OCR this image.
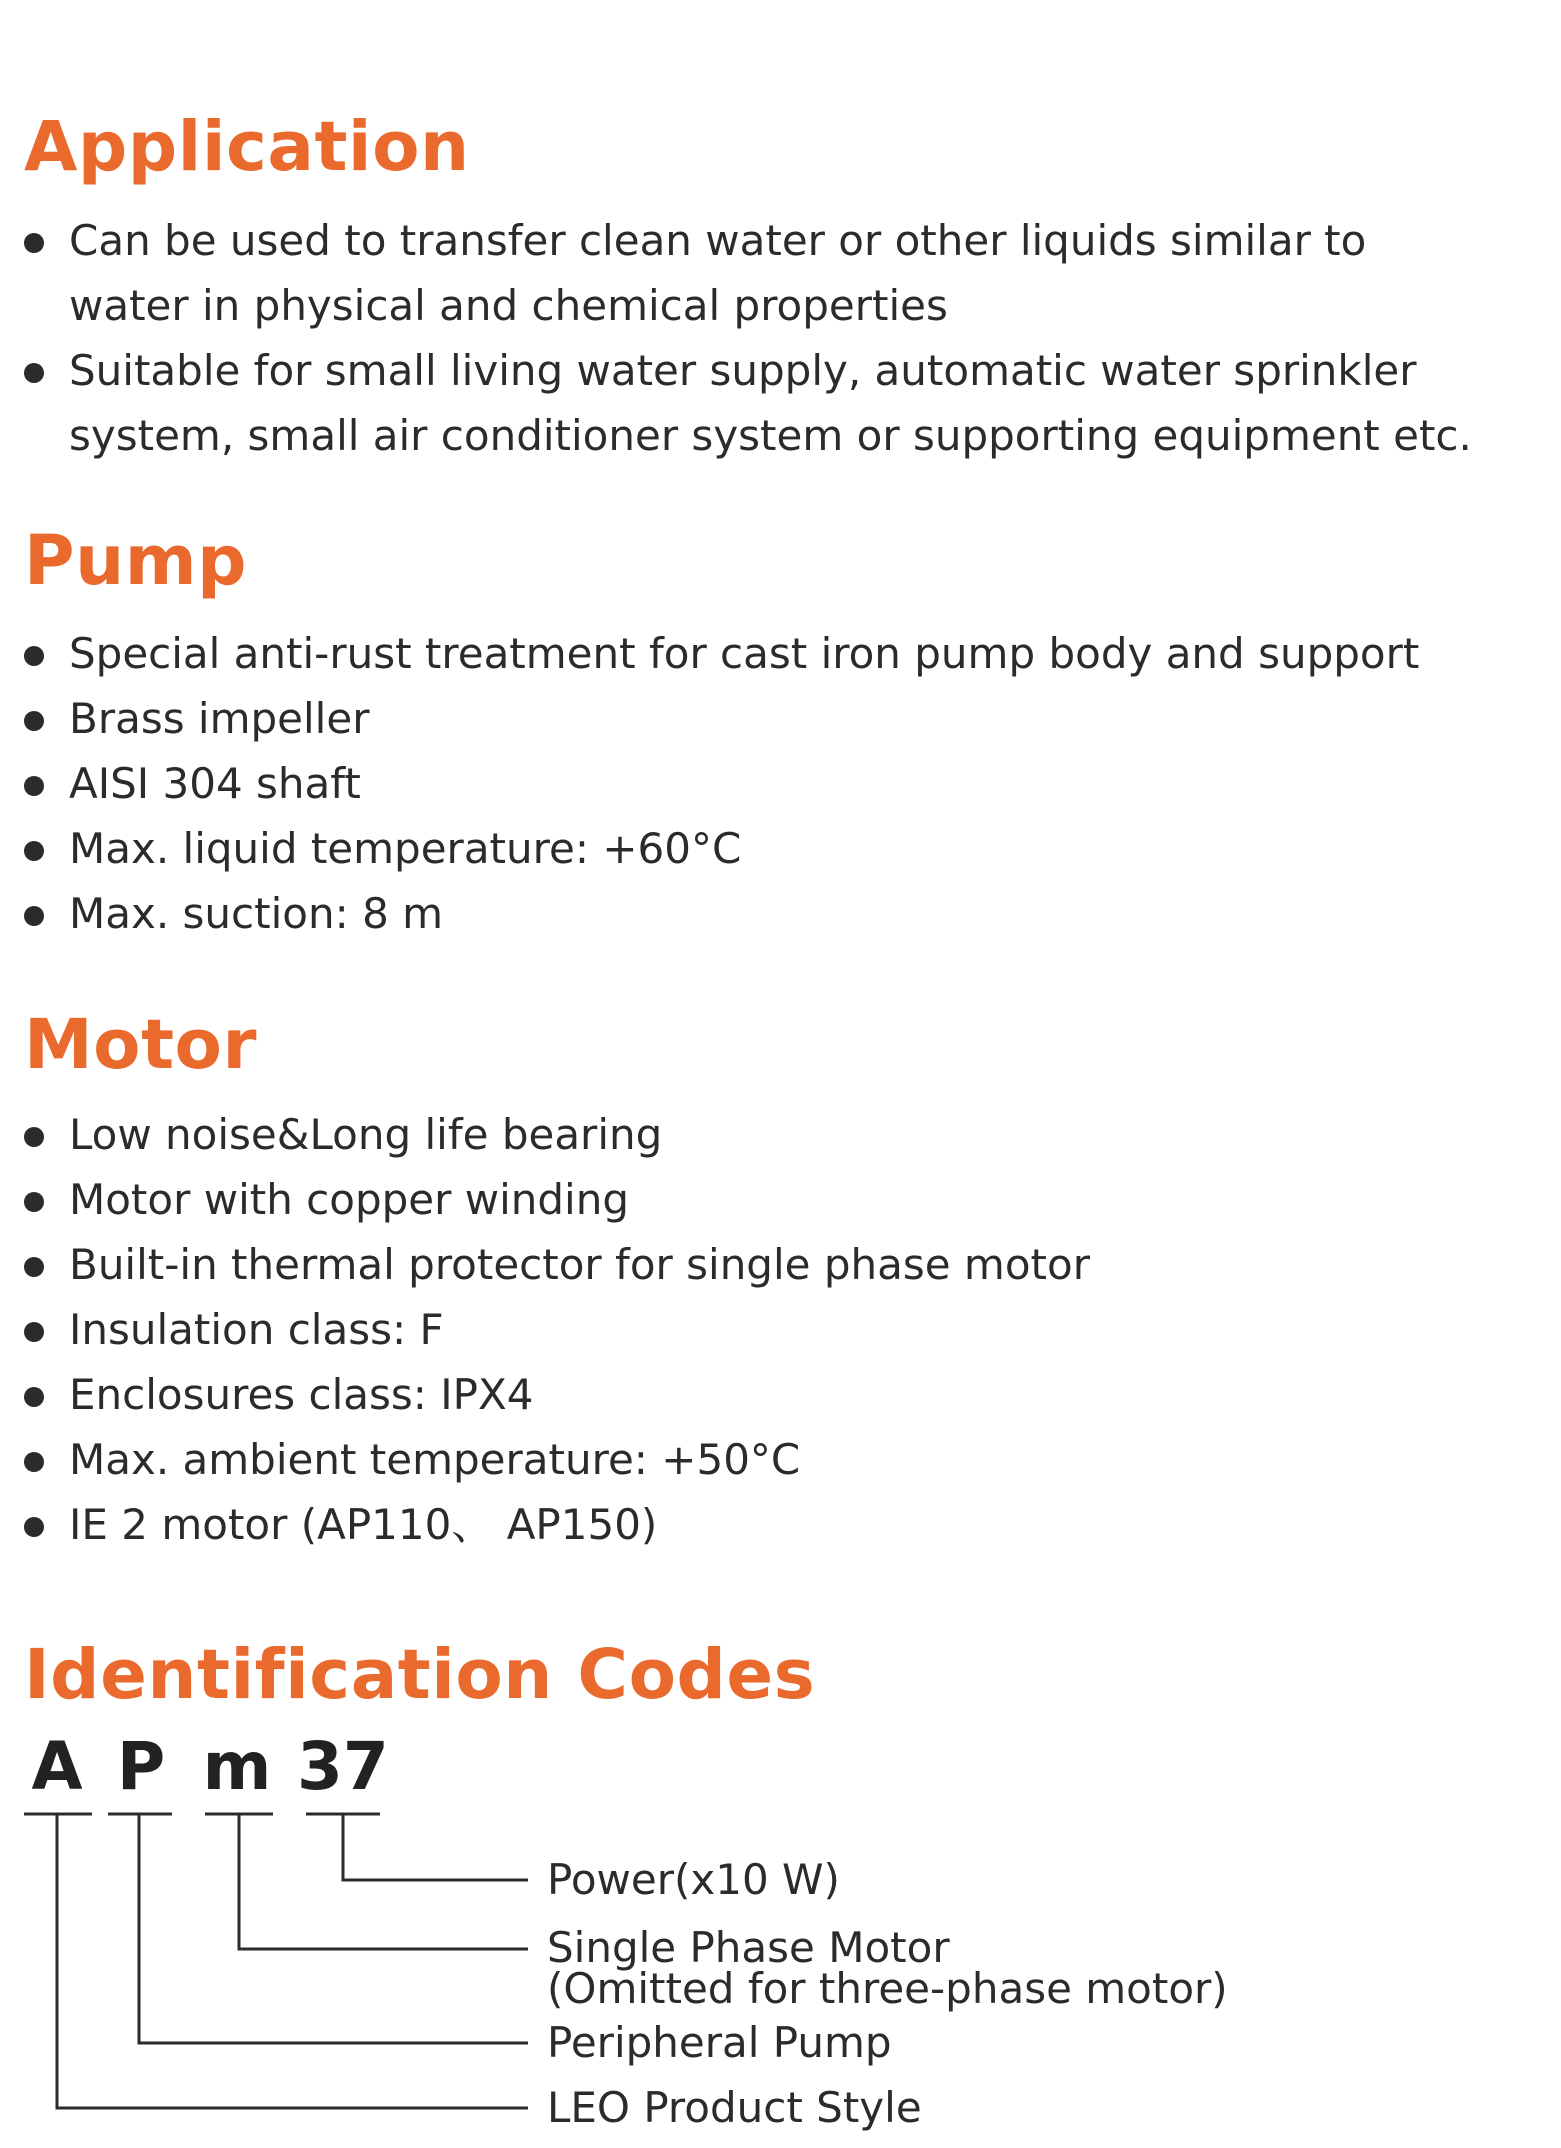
Application
Can be used to transfer clean water or other liquids similar to
water in physical and chemical properties
Suitable for small living water supply, automatic water sprinkler
system, small air conditioner system or supporting equipment etc.
Pump
Special anti-rust treatment for cast iron pump body and support
Brass impeller
AISI 304 shaft
Max. liquid temperature: +60°C
Max. suction: 8 m
Motor
Low noise&Long life bearing
Motor with copper winding
Built-in thermal protector for single phase motor
Insulation class: F
Enclosures class: IPX4
Max. ambient temperature: +50°C
IE 2 motor (AP110、 AP150)
Identification Codes
A P m 37
Power(x10 W)
Single Phase Motor
(Omitted for three-phase motor)
Peripheral Pump
LEO Product Style
